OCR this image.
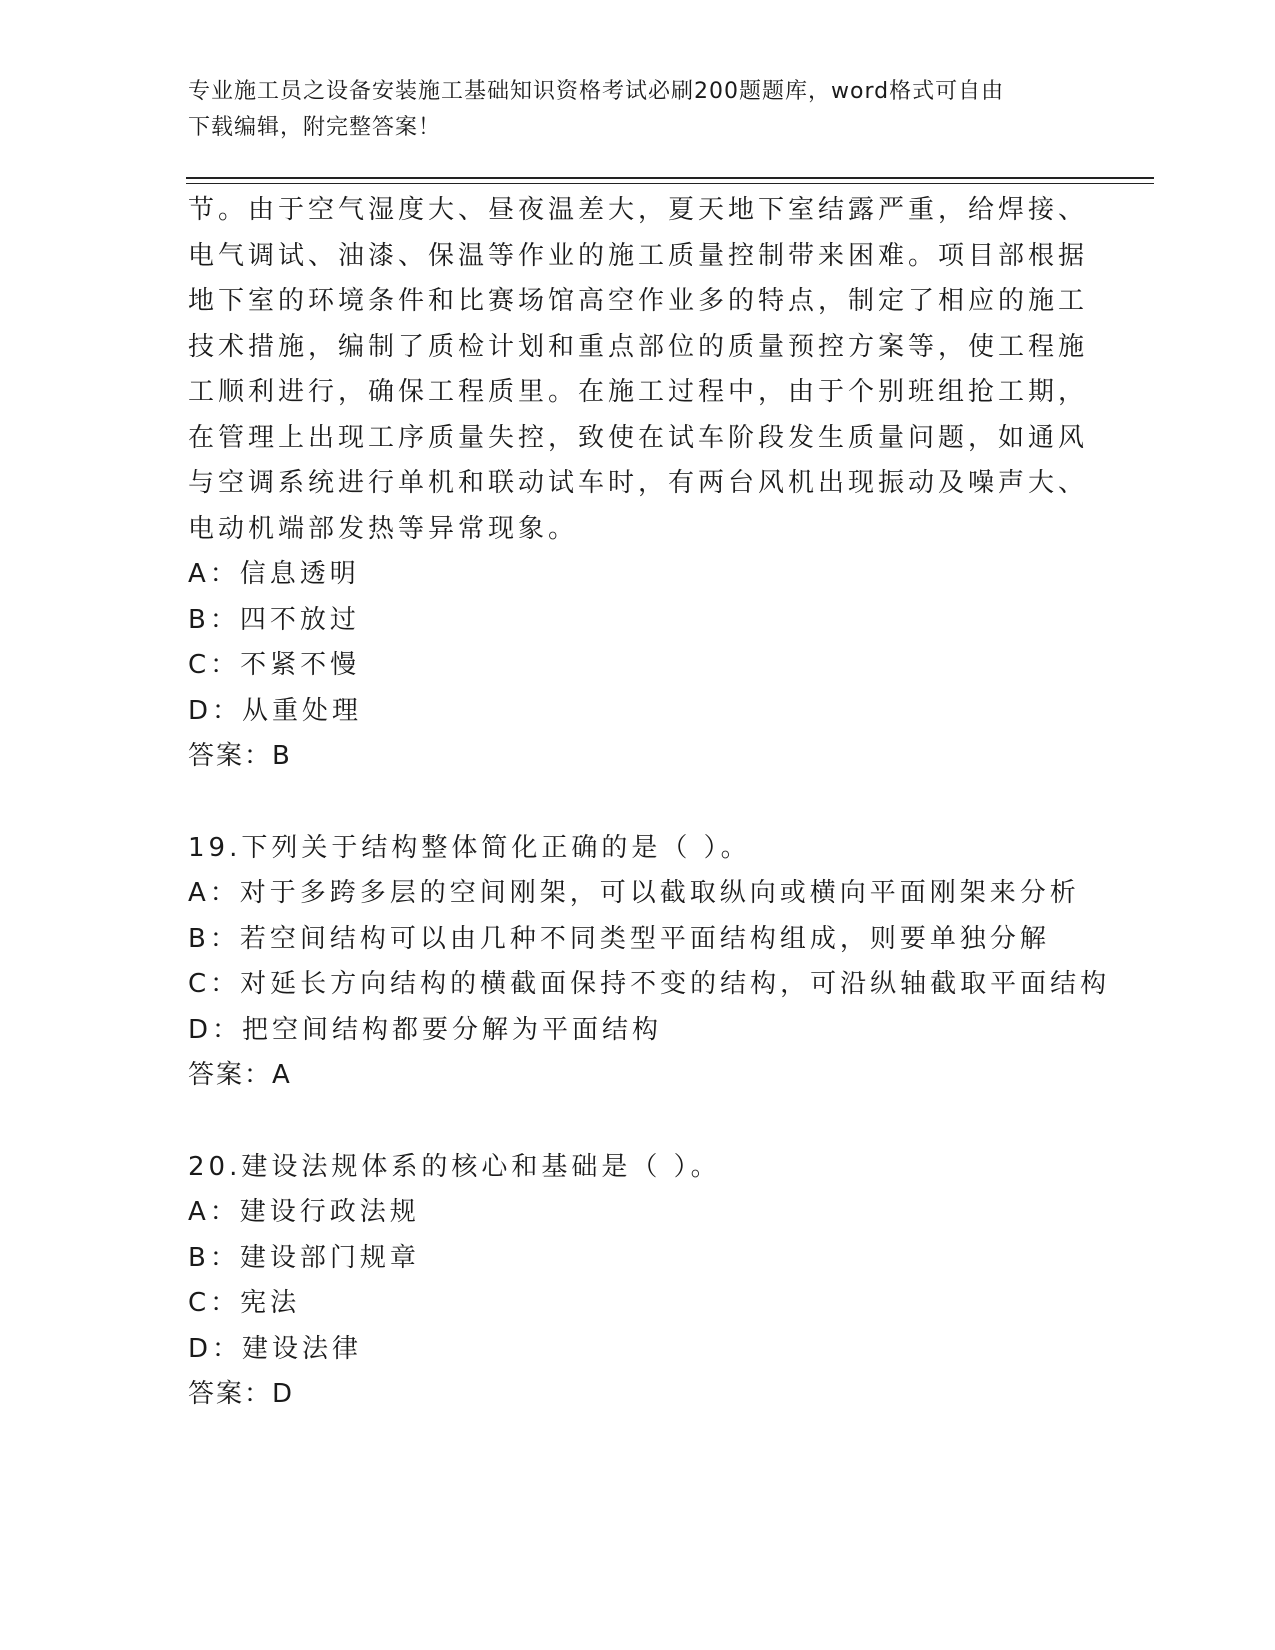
专业施工员之设备安装施工基础知识资格考试必刷200题题库，word格式可自由
下载编辑，附完整答案！
节。由于空气湿度大、昼夜温差大，夏天地下室结露严重，给焊接、
电气调试、油漆、保温等作业的施工质量控制带来困难。项目部根据
地下室的环境条件和比赛场馆高空作业多的特点，制定了相应的施工
技术措施，编制了质检计划和重点部位的质量预控方案等，使工程施
工顺利进行，确保工程质里。在施工过程中，由于个别班组抢工期，
在管理上出现工序质量失控，致使在试车阶段发生质量问题，如通风
与空调系统进行单机和联动试车时，有两台风机出现振动及噪声大、
电动机端部发热等异常现象。
A：信息透明
B：四不放过
C：不紧不慢
D：从重处理
答案：B
19.下列关于结构整体简化正确的是（ ）。
A：对于多跨多层的空间刚架，可以截取纵向或横向平面刚架来分析
B：若空间结构可以由几种不同类型平面结构组成，则要单独分解
C：对延长方向结构的横截面保持不变的结构，可沿纵轴截取平面结构
D：把空间结构都要分解为平面结构
答案：A
20.建设法规体系的核心和基础是（ ）。
A：建设行政法规
B：建设部门规章
C：宪法
D：建设法律
答案：D
